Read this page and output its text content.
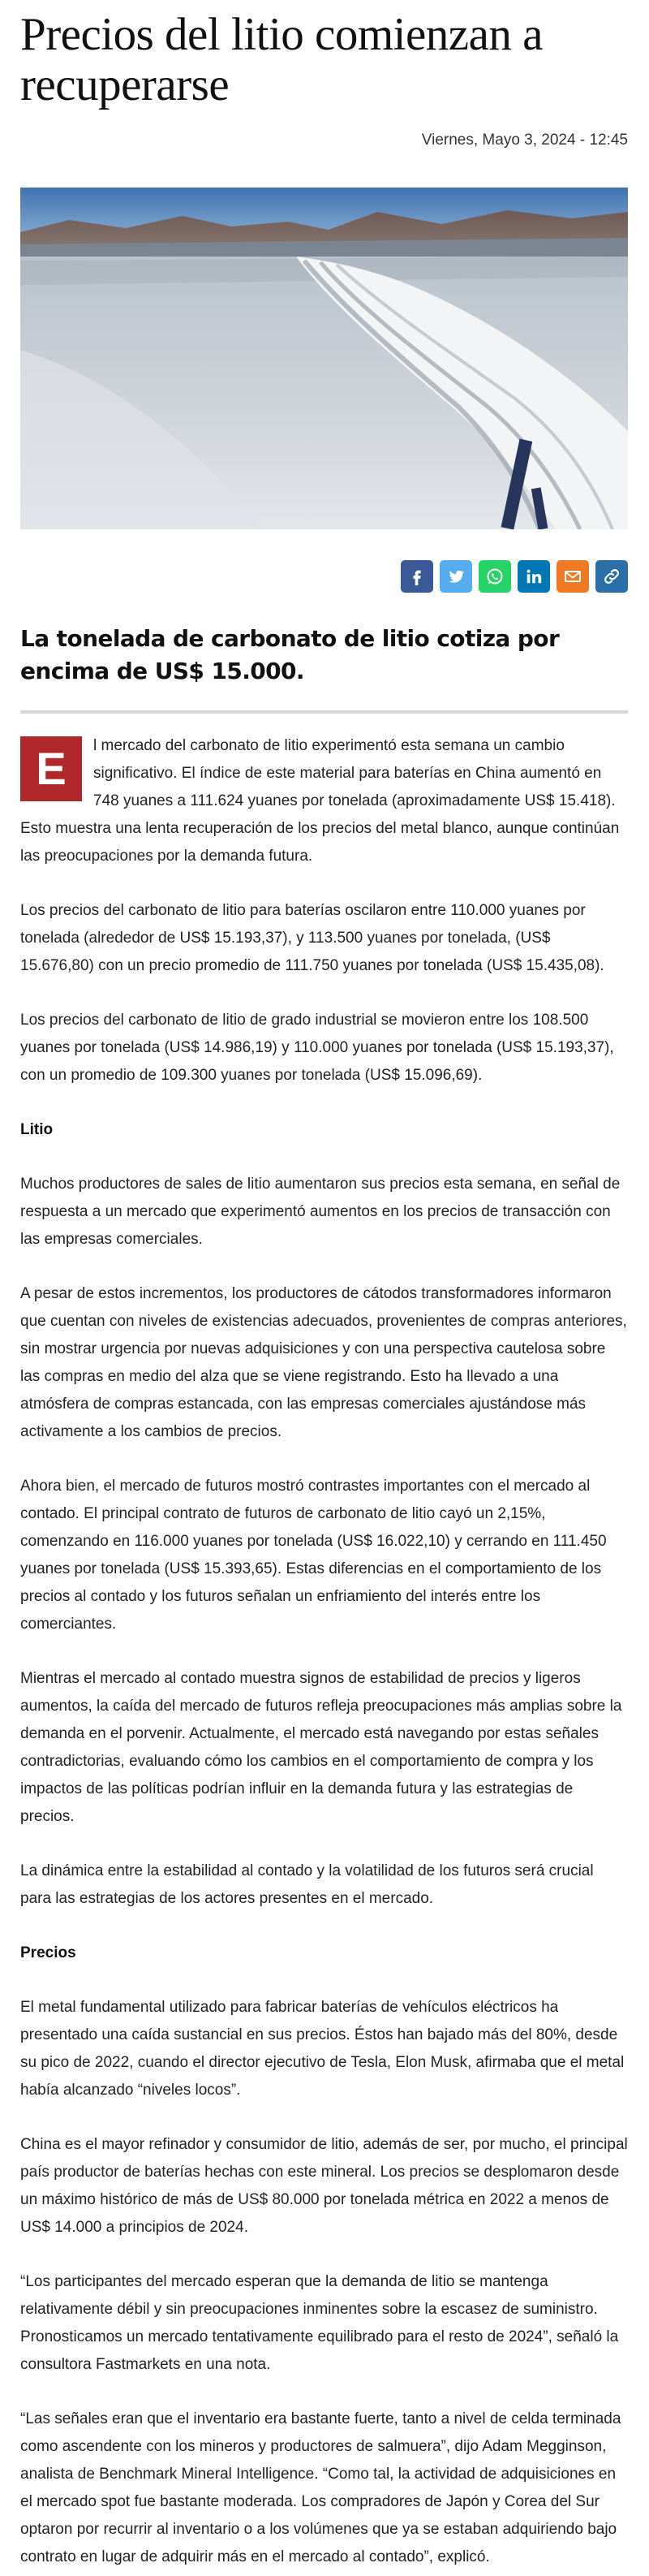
Precios del litio comienzan a recuperarse
Viernes, Mayo 3, 2024 - 12:45
La tonelada de carbonato de litio cotiza por encima de US$ 15.000.
E	l mercado del carbonato de litio experimentó esta semana un cambio significativo. El índice de este material para baterías en China aumentó en 748 yuanes a 111.624 yuanes por tonelada (aproximadamente US$ 15.418). Esto muestra una lenta recuperación de los precios del metal blanco, aunque continúan las preocupaciones por la demanda futura.

Los precios del carbonato de litio para baterías oscilaron entre 110.000 yuanes por tonelada (alrededor de US$ 15.193,37), y 113.500 yuanes por tonelada, (US$ 15.676,80) con un precio promedio de 111.750 yuanes por tonelada (US$ 15.435,08).

Los precios del carbonato de litio de grado industrial se movieron entre los 108.500 yuanes por tonelada (US$ 14.986,19) y 110.000 yuanes por tonelada (US$ 15.193,37), con un promedio de 109.300 yuanes por tonelada (US$ 15.096,69).

Litio

Muchos productores de sales de litio aumentaron sus precios esta semana, en señal de respuesta a un mercado que experimentó aumentos en los precios de transacción con las empresas comerciales.

A pesar de estos incrementos, los productores de cátodos transformadores informaron que cuentan con niveles de existencias adecuados, provenientes de compras anteriores, sin mostrar urgencia por nuevas adquisiciones y con una perspectiva cautelosa sobre las compras en medio del alza que se viene registrando. Esto ha llevado a una atmósfera de compras estancada, con las empresas comerciales ajustándose más activamente a los cambios de precios.

Ahora bien, el mercado de futuros mostró contrastes importantes con el mercado al contado. El principal contrato de futuros de carbonato de litio cayó un 2,15%, comenzando en 116.000 yuanes por tonelada (US$ 16.022,10) y cerrando en 111.450 yuanes por tonelada (US$ 15.393,65). Estas diferencias en el comportamiento de los precios al contado y los futuros señalan un enfriamiento del interés entre los comerciantes.

Mientras el mercado al contado muestra signos de estabilidad de precios y ligeros aumentos, la caída del mercado de futuros refleja preocupaciones más amplias sobre la demanda en el porvenir. Actualmente, el mercado está navegando por estas señales contradictorias, evaluando cómo los cambios en el comportamiento de compra y los impactos de las políticas podrían influir en la demanda futura y las estrategias de precios.

La dinámica entre la estabilidad al contado y la volatilidad de los futuros será crucial para las estrategias de los actores presentes en el mercado.

Precios

El metal fundamental utilizado para fabricar baterías de vehículos eléctricos ha presentado una caída sustancial en sus precios. Éstos han bajado más del 80%, desde su pico de 2022, cuando el director ejecutivo de Tesla, Elon Musk, afirmaba que el metal había alcanzado “niveles locos”.

China es el mayor refinador y consumidor de litio, además de ser, por mucho, el principal país productor de baterías hechas con este mineral. Los precios se desplomaron desde un máximo histórico de más de US$ 80.000 por tonelada métrica en 2022 a menos de US$ 14.000 a principios de 2024.

“Los participantes del mercado esperan que la demanda de litio se mantenga relativamente débil y sin preocupaciones inminentes sobre la escasez de suministro. Pronosticamos un mercado tentativamente equilibrado para el resto de 2024”, señaló la consultora Fastmarkets en una nota.

“Las señales eran que el inventario era bastante fuerte, tanto a nivel de celda terminada como ascendente con los mineros y productores de salmuera”, dijo Adam Megginson, analista de Benchmark Mineral Intelligence. “Como tal, la actividad de adquisiciones en el mercado spot fue bastante moderada. Los compradores de Japón y Corea del Sur optaron por recurrir al inventario o a los volúmenes que ya se estaban adquiriendo bajo contrato en lugar de adquirir más en el mercado al contado”, explicó.
